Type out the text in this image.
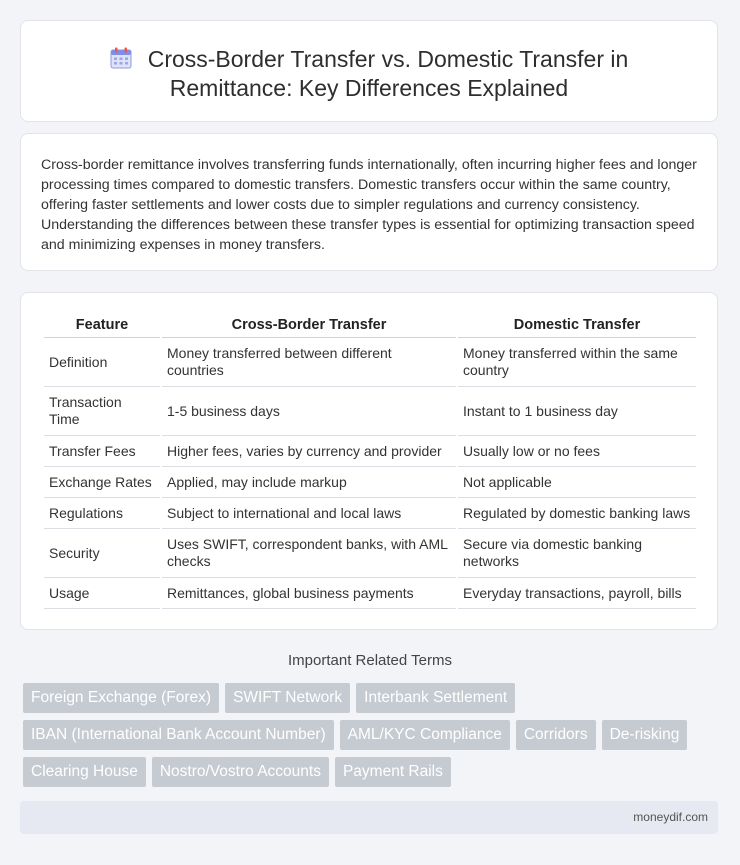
Cross-Border Transfer vs. Domestic Transfer in
Remittance: Key Differences Explained

Cross-border remittance involves transferring funds internationally, often incurring higher fees and longer processing times compared to domestic transfers. Domestic transfers occur within the same country, offering faster settlements and lower costs due to simpler regulations and currency consistency. Understanding the differences between these transfer types is essential for optimizing transaction speed and minimizing expenses in money transfers.

Feature	Cross-Border Transfer	Domestic Transfer
Definition	Money transferred between different countries	Money transferred within the same country
Transaction Time	1-5 business days	Instant to 1 business day
Transfer Fees	Higher fees, varies by currency and provider	Usually low or no fees
Exchange Rates	Applied, may include markup	Not applicable
Regulations	Subject to international and local laws	Regulated by domestic banking laws
Security	Uses SWIFT, correspondent banks, with AML checks	Secure via domestic banking networks
Usage	Remittances, global business payments	Everyday transactions, payroll, bills
Important Related Terms
Foreign Exchange (Forex) SWIFT Network Interbank Settlement
IBAN (International Bank Account Number) AML/KYC Compliance Corridors De-risking
Clearing House Nostro/Vostro Accounts Payment Rails
moneydif.com
